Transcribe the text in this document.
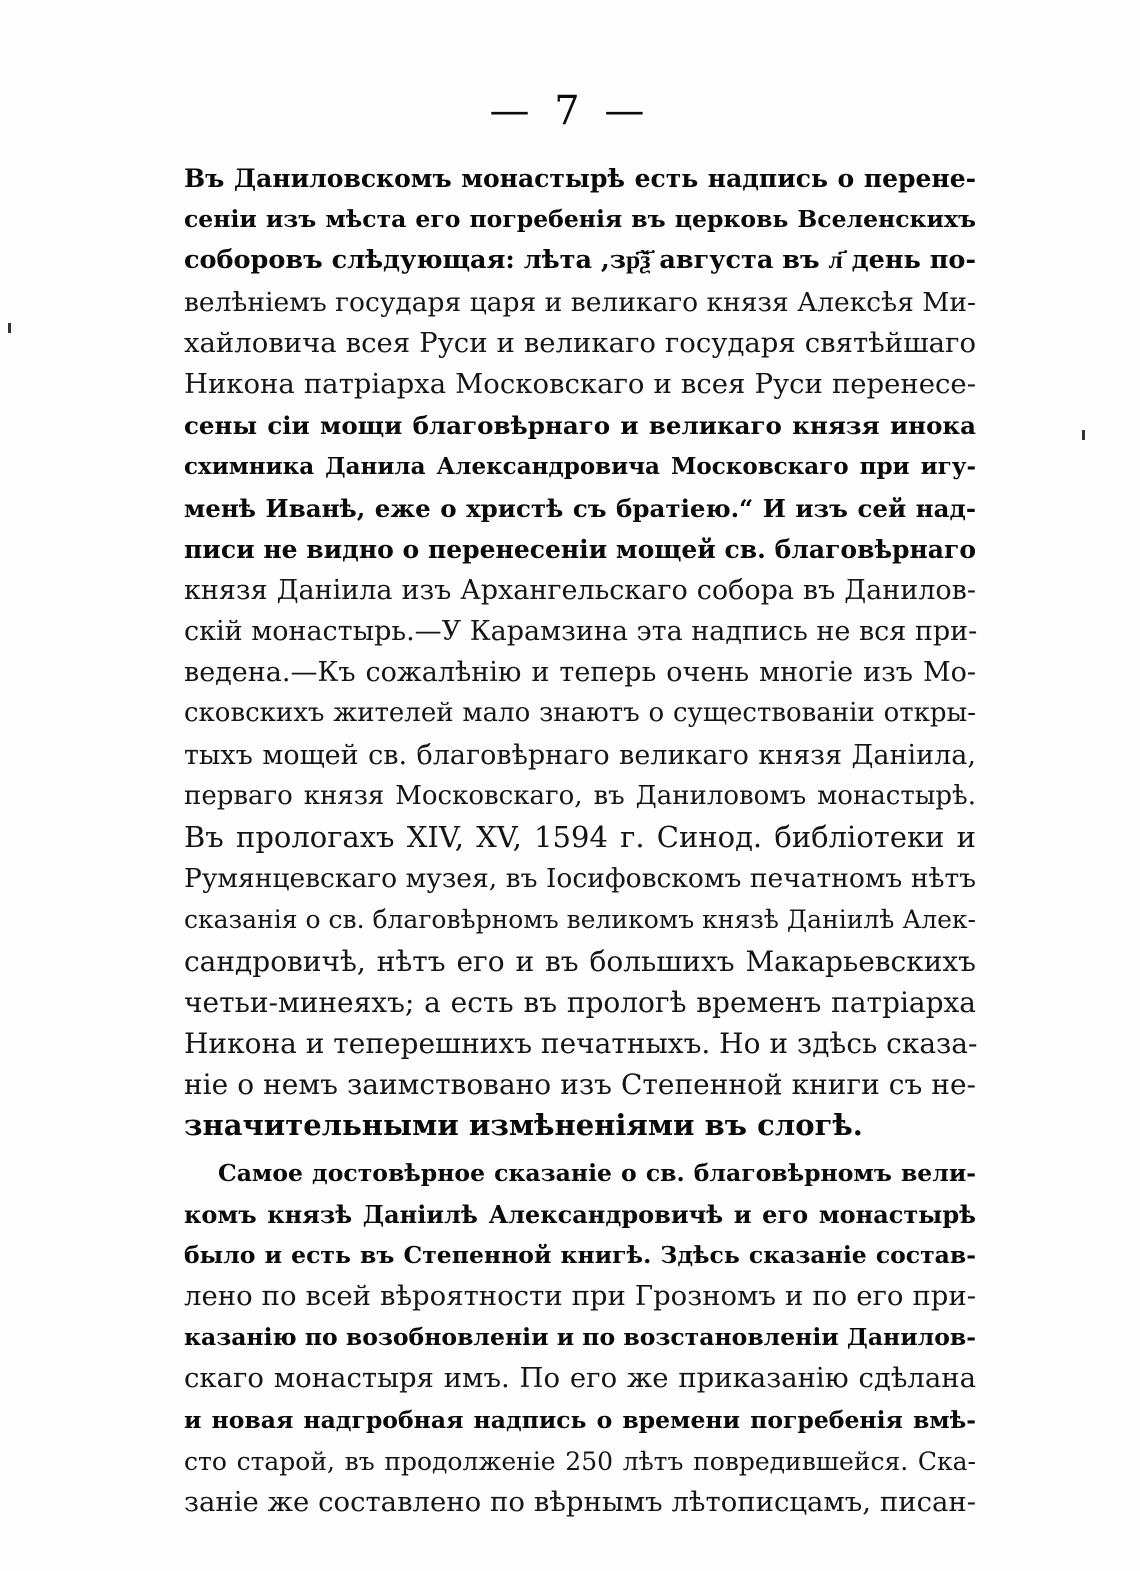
— 7 —
Въ Даниловскомъ монастырѣ есть надпись о перене-
сеніи изъ мѣста его погребенія въ церковь Вселенскихъ
соборовъ слѣдующая: лѣта ,зр҃ѯ҃ августа въ л҃ день по-
велѣніемъ государя царя и великаго князя Алексѣя Ми-
хайловича всея Руси и великаго государя святѣйшаго
Никона патріарха Московскаго и всея Руси перенесе-
сены сіи мощи благовѣрнаго и великаго князя инока
схимника Данила Александровича Московскаго при игу-
менѣ Иванѣ, еже о христѣ съ братіею.“ И изъ сей над-
писи не видно о перенесеніи мощей св. благовѣрнаго
князя Даніила изъ Архангельскаго собора въ Данилов-
скій монастырь.—У Карамзина эта надпись не вся при-
ведена.—Къ сожалѣнію и теперь очень многіе изъ Мо-
сковскихъ жителей мало знаютъ о существованіи откры-
тыхъ мощей св. благовѣрнаго великаго князя Даніила,
перваго князя Московскаго, въ Даниловомъ монастырѣ.
Въ прологахъ XIV, XV, 1594 г. Синод. библіотеки и
Румянцевскаго музея, въ Іосифовскомъ печатномъ нѣтъ
сказанія о св. благовѣрномъ великомъ князѣ Даніилѣ Алек-
сандровичѣ, нѣтъ его и въ большихъ Макарьевскихъ
четьи-минеяхъ; а есть въ прологѣ временъ патріарха
Никона и теперешнихъ печатныхъ. Но и здѣсь сказа-
ніе о немъ заимствовано изъ Степенной книги съ не-
значительными измѣненіями въ слогѣ.
Самое достовѣрное сказаніе о св. благовѣрномъ вели-
комъ князѣ Даніилѣ Александровичѣ и его монастырѣ
было и есть въ Степенной книгѣ. Здѣсь сказаніе состав-
лено по всей вѣроятности при Грозномъ и по его при-
казанію по возобновленіи и по возстановленіи Данилов-
скаго монастыря имъ. По его же приказанію сдѣлана
и новая надгробная надпись о времени погребенія вмѣ-
сто старой, въ продолженіе 250 лѣтъ повредившейся. Ска-
заніе же составлено по вѣрнымъ лѣтописцамъ, писан-
